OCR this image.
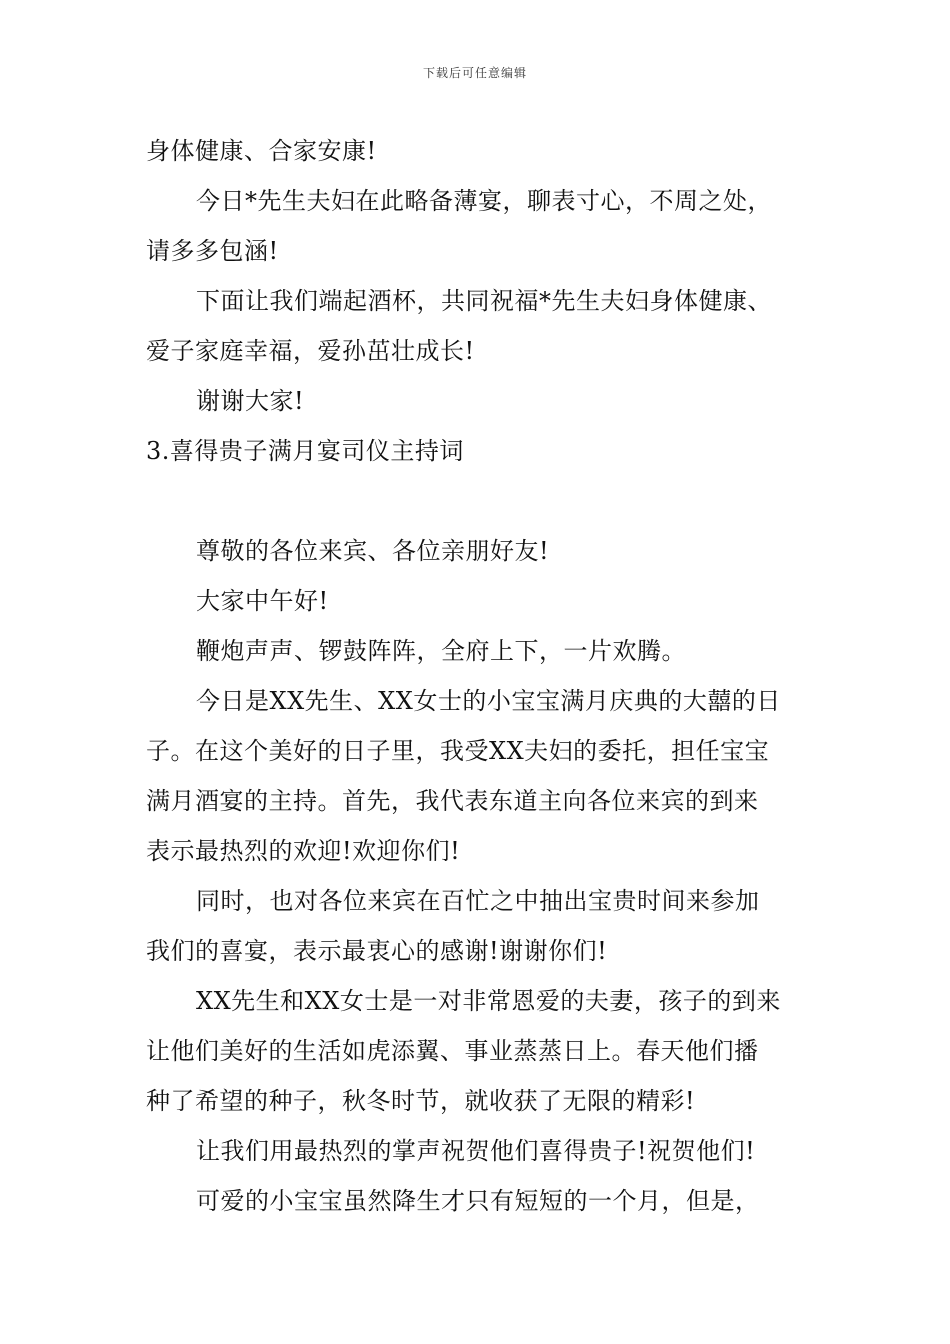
下载后可任意编辑
身体健康、合家安康!
今日*先生夫妇在此略备薄宴，聊表寸心，不周之处，
请多多包涵!
下面让我们端起酒杯，共同祝福*先生夫妇身体健康、
爱子家庭幸福，爱孙茁壮成长!
谢谢大家!
3.喜得贵子满月宴司仪主持词
尊敬的各位来宾、各位亲朋好友!
大家中午好!
鞭炮声声、锣鼓阵阵，全府上下，一片欢腾。
今日是XX先生、XX女士的小宝宝满月庆典的大囍的日
子。在这个美好的日子里，我受XX夫妇的委托，担任宝宝
满月酒宴的主持。首先，我代表东道主向各位来宾的到来
表示最热烈的欢迎!欢迎你们!
同时，也对各位来宾在百忙之中抽出宝贵时间来参加
我们的喜宴，表示最衷心的感谢!谢谢你们!
XX先生和XX女士是一对非常恩爱的夫妻，孩子的到来
让他们美好的生活如虎添翼、事业蒸蒸日上。春天他们播
种了希望的种子，秋冬时节，就收获了无限的精彩!
让我们用最热烈的掌声祝贺他们喜得贵子!祝贺他们!
可爱的小宝宝虽然降生才只有短短的一个月，但是，
